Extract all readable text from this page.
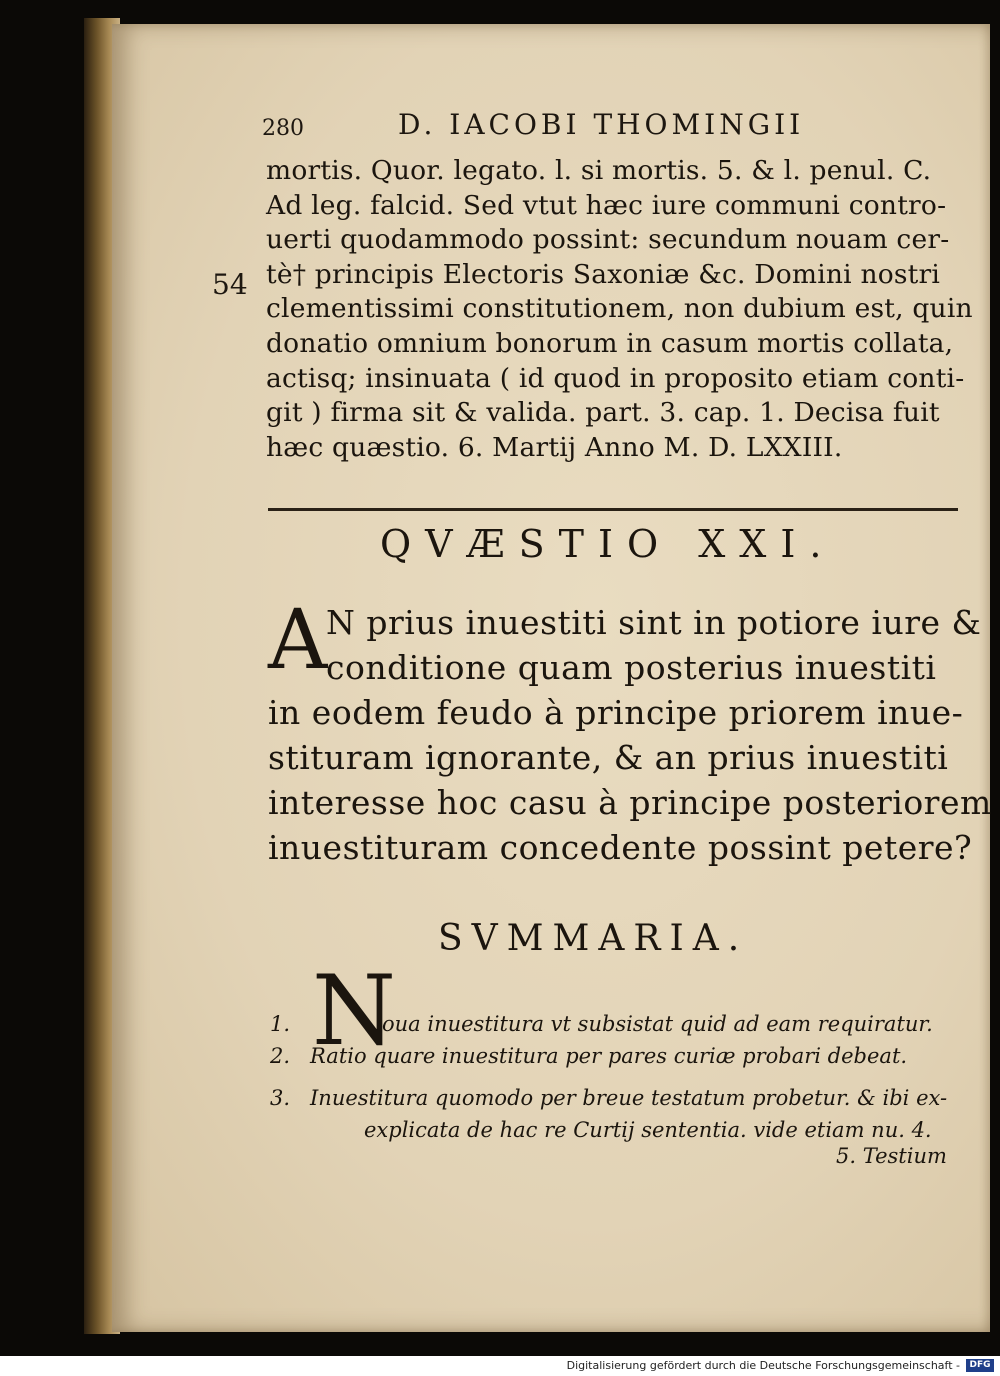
280	D. IACOBI THOMINGII
54
mortis. Quor. legato. l. si mortis. 5. & l. penul. C.
Ad leg. falcid. Sed vtut hæc iure communi contro-
uerti quodammodo possint: secundum nouam cer-
tè† principis Electoris Saxoniæ &c. Domini nostri
clementissimi constitutionem, non dubium est, quin
donatio omnium bonorum in casum mortis collata,
actisq; insinuata ( id quod in proposito etiam conti-
git ) firma sit & valida. part. 3. cap. 1. Decisa fuit
hæc quæstio. 6. Martij Anno M. D. LXXIII.
QVÆSTIO XXI.
A
N prius inuestiti sint in potiore iure &
conditione quam posterius inuestiti
in eodem feudo à principe priorem inue-
stituram ignorante, & an prius inuestiti
interesse hoc casu à principe posteriorem
inuestituram concedente possint petere?
SVMMARIA.
N
1.	oua inuestitura vt subsistat quid ad eam requiratur.
2. Ratio quare inuestitura per pares curiæ probari debeat.
3. Inuestitura quomodo per breue testatum probetur. & ibi ex-
explicata de hac re Curtij sententia. vide etiam nu. 4.
5. Testium
Digitalisierung gefördert durch die Deutsche Forschungsgemeinschaft -	DFG
